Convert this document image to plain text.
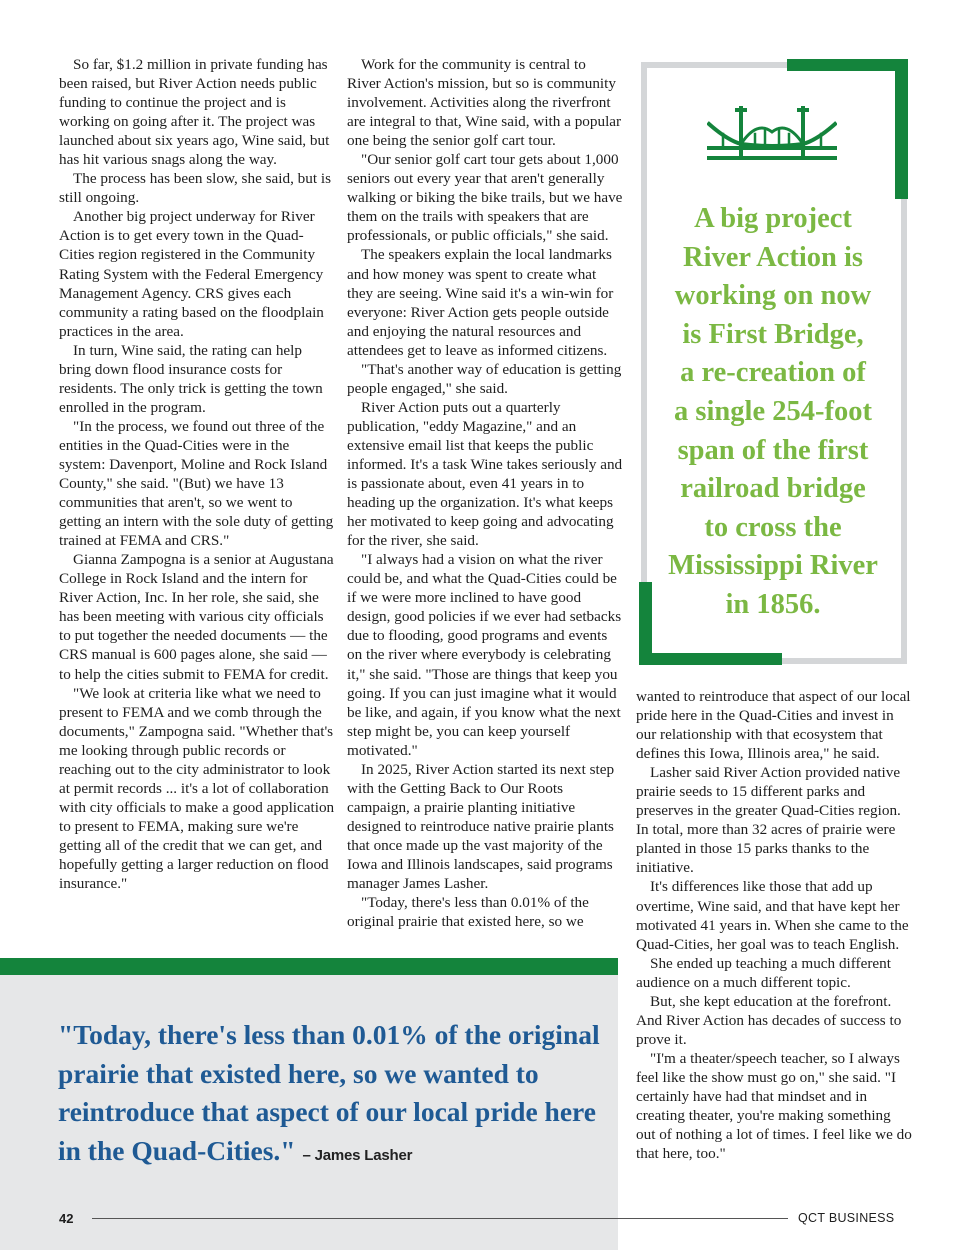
So far, $1.2 million in private funding has been raised, but River Action needs public funding to continue the project and is working on going after it. The project was launched about six years ago, Wine said, but has hit various snags along the way.

The process has been slow, she said, but is still ongoing.

Another big project underway for River Action is to get every town in the Quad-Cities region registered in the Community Rating System with the Federal Emergency Management Agency. CRS gives each community a rating based on the floodplain practices in the area.

In turn, Wine said, the rating can help bring down flood insurance costs for residents. The only trick is getting the town enrolled in the program.

"In the process, we found out three of the entities in the Quad-Cities were in the system: Davenport, Moline and Rock Island County," she said. "(But) we have 13 communities that aren't, so we went to getting an intern with the sole duty of getting trained at FEMA and CRS."

Gianna Zampogna is a senior at Augustana College in Rock Island and the intern for River Action, Inc. In her role, she said, she has been meeting with various city officials to put together the needed documents — the CRS manual is 600 pages alone, she said — to help the cities submit to FEMA for credit.

"We look at criteria like what we need to present to FEMA and we comb through the documents," Zampogna said. "Whether that's me looking through public records or reaching out to the city administrator to look at permit records ... it's a lot of collaboration with city officials to make a good application to present to FEMA, making sure we're getting all of the credit that we can get, and hopefully getting a larger reduction on flood insurance."

Work for the community is central to River Action's mission, but so is community involvement. Activities along the riverfront are integral to that, Wine said, with a popular one being the senior golf cart tour.

"Our senior golf cart tour gets about 1,000 seniors out every year that aren't generally walking or biking the bike trails, but we have them on the trails with speakers that are professionals, or public officials," she said.

The speakers explain the local landmarks and how money was spent to create what they are seeing. Wine said it's a win-win for everyone: River Action gets people outside and enjoying the natural resources and attendees get to leave as informed citizens.

"That's another way of education is getting people engaged," she said.

River Action puts out a quarterly publication, "eddy Magazine," and an extensive email list that keeps the public informed. It's a task Wine takes seriously and is passionate about, even 41 years in to heading up the organization. It's what keeps her motivated to keep going and advocating for the river, she said.

"I always had a vision on what the river could be, and what the Quad-Cities could be if we were more inclined to have good design, good policies if we ever had setbacks due to flooding, good programs and events on the river where everybody is celebrating it," she said. "Those are things that keep you going. If you can just imagine what it would be like, and again, if you know what the next step might be, you can keep yourself motivated."

In 2025, River Action started its next step with the Getting Back to Our Roots campaign, a prairie planting initiative designed to reintroduce native prairie plants that once made up the vast majority of the Iowa and Illinois landscapes, said programs manager James Lasher.

"Today, there's less than 0.01% of the original prairie that existed here, so we

wanted to reintroduce that aspect of our local pride here in the Quad-Cities and invest in our relationship with that ecosystem that defines this Iowa, Illinois area," he said.

Lasher said River Action provided native prairie seeds to 15 different parks and preserves in the greater Quad-Cities region. In total, more than 32 acres of prairie were planted in those 15 parks thanks to the initiative.

It's differences like those that add up overtime, Wine said, and that have kept her motivated 41 years in. When she came to the Quad-Cities, her goal was to teach English.

She ended up teaching a much different audience on a much different topic.

But, she kept education at the forefront. And River Action has decades of success to prove it.

"I'm a theater/speech teacher, so I always feel like the show must go on," she said. "I certainly have had that mindset and in creating theater, you're making something out of nothing a lot of times. I feel like we do that here, too."

A big project
River Action is
working on now
is First Bridge,
a re-creation of
a single 254-foot
span of the first
railroad bridge
to cross the
Mississippi River
in 1856.
"Today, there's less than 0.01% of the original prairie that existed here, so we wanted to reintroduce that aspect of our local pride here in the Quad-Cities." – James Lasher
42	QCT BUSINESS
